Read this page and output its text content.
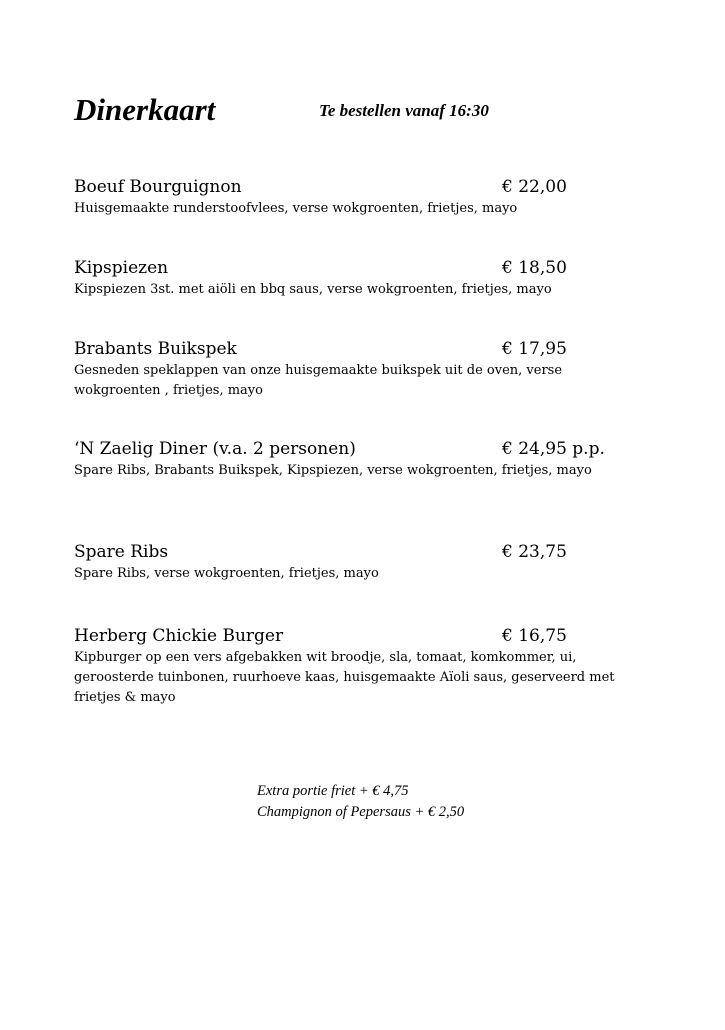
Dinerkaart	Te bestellen vanaf 16:30
Boeuf Bourguignon	€ 22,00
Huisgemaakte runderstoofvlees, verse wokgroenten, frietjes, mayo
Kipspiezen	€ 18,50
Kipspiezen 3st. met aiöli en bbq saus, verse wokgroenten, frietjes, mayo
Brabants Buikspek	€ 17,95
Gesneden speklappen van onze huisgemaakte buikspek uit de oven, verse wokgroenten , frietjes, mayo
‘N Zaelig Diner (v.a. 2 personen)	€ 24,95 p.p.
Spare Ribs, Brabants Buikspek, Kipspiezen, verse wokgroenten, frietjes, mayo
Spare Ribs	€ 23,75
Spare Ribs, verse wokgroenten, frietjes, mayo
Herberg Chickie Burger	€ 16,75
Kipburger op een vers afgebakken wit broodje, sla, tomaat, komkommer, ui, geroosterde tuinbonen, ruurhoeve kaas, huisgemaakte Aïoli saus, geserveerd met frietjes & mayo
Extra portie friet + € 4,75
Champignon of Pepersaus + € 2,50
